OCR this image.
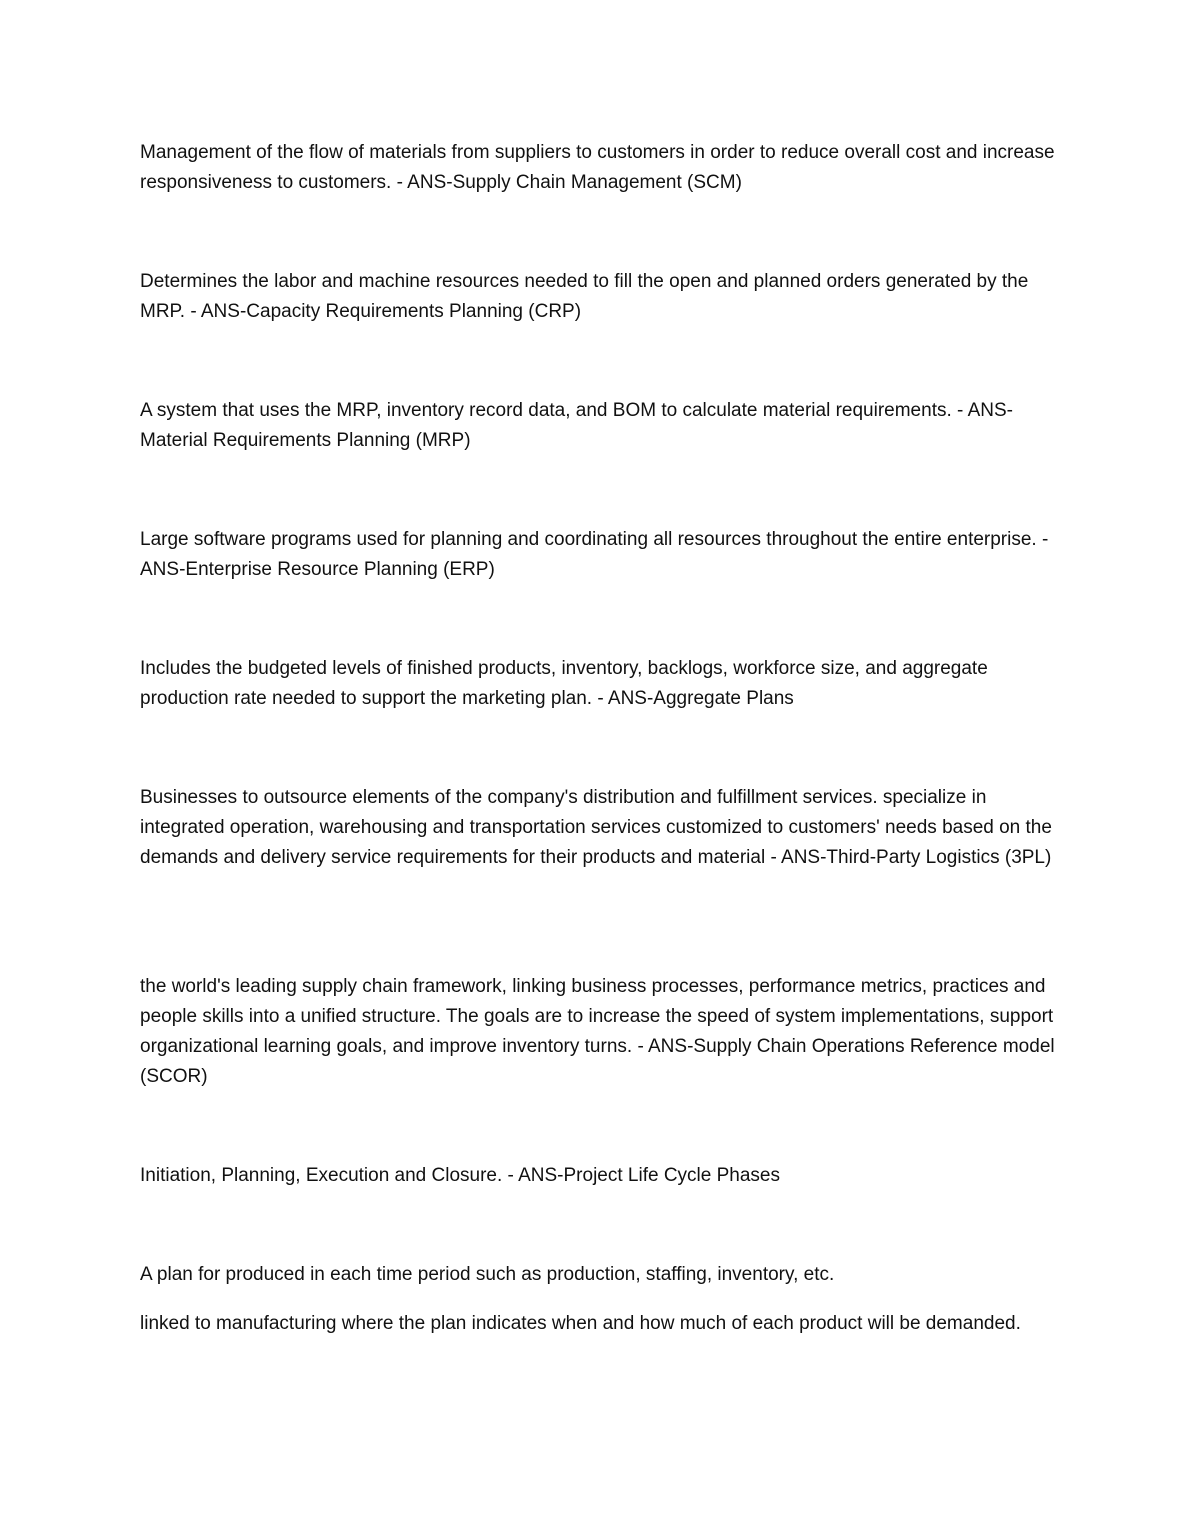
Management of the flow of materials from suppliers to customers in order to reduce overall cost and increase responsiveness to customers. - ANS-Supply Chain Management (SCM)

Determines the labor and machine resources needed to fill the open and planned orders generated by the MRP. - ANS-Capacity Requirements Planning (CRP)

A system that uses the MRP, inventory record data, and BOM to calculate material requirements. - ANS-Material Requirements Planning (MRP)

Large software programs used for planning and coordinating all resources throughout the entire enterprise. - ANS-Enterprise Resource Planning (ERP)

Includes the budgeted levels of finished products, inventory, backlogs, workforce size, and aggregate production rate needed to support the marketing plan. - ANS-Aggregate Plans

Businesses to outsource elements of the company's distribution and fulfillment services. specialize in integrated operation, warehousing and transportation services customized to customers' needs based on the demands and delivery service requirements for their products and material - ANS-Third-Party Logistics (3PL)

the world's leading supply chain framework, linking business processes, performance metrics, practices and people skills into a unified structure. The goals are to increase the speed of system implementations, support organizational learning goals, and improve inventory turns. - ANS-Supply Chain Operations Reference model (SCOR)

Initiation, Planning, Execution and Closure. - ANS-Project Life Cycle Phases

A plan for produced in each time period such as production, staffing, inventory, etc.

linked to manufacturing where the plan indicates when and how much of each product will be demanded.
